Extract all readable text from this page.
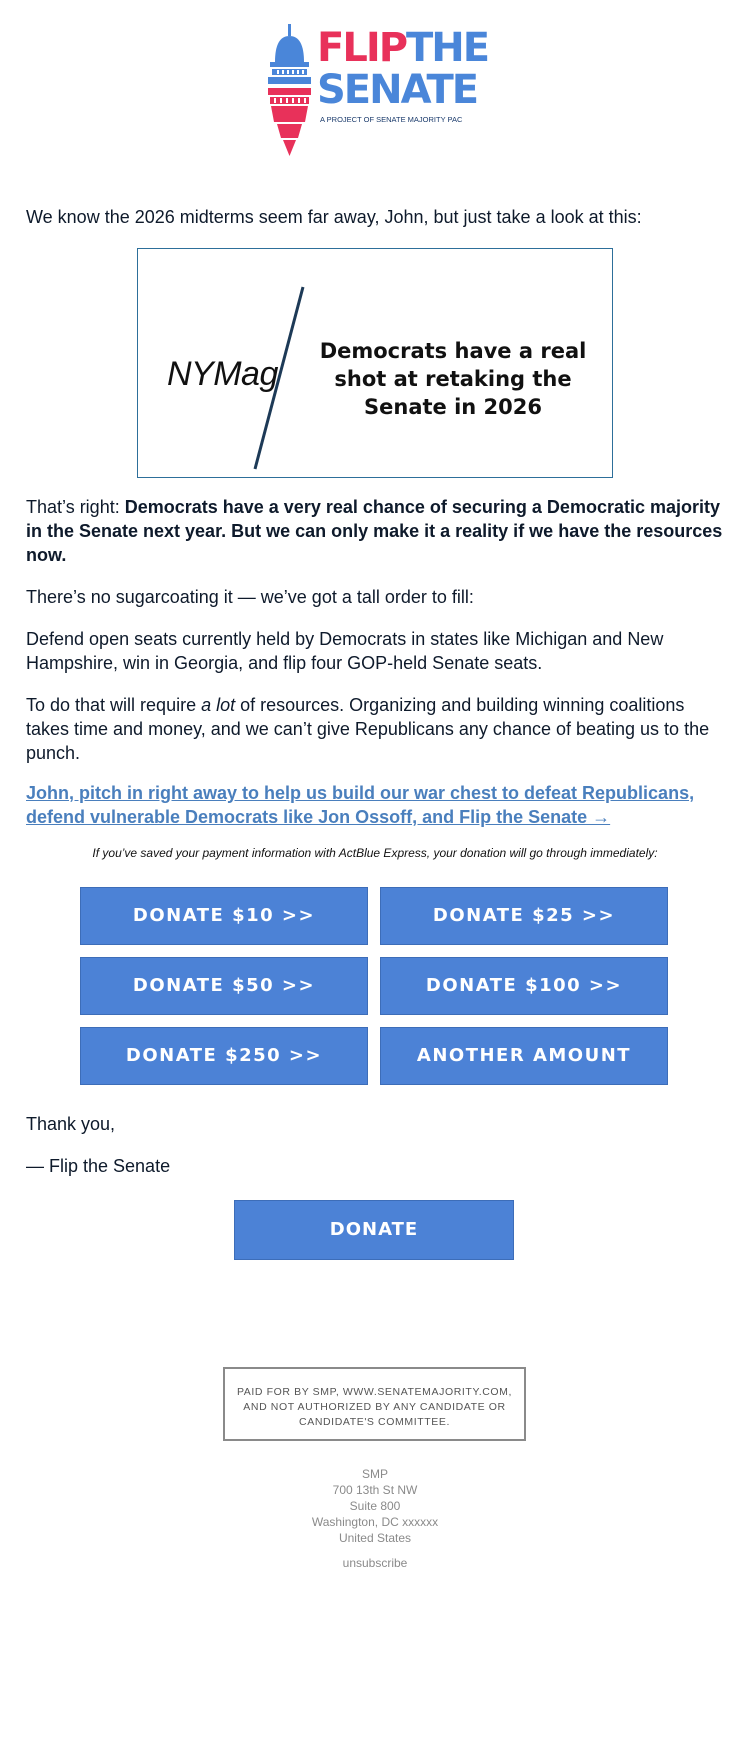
FLIPTHE
SENATE
A PROJECT OF SENATE MAJORITY PAC
We know the 2026 midterms seem far away, John, but just take a look at this:
NYMag
Democrats have a real shot at retaking the Senate in 2026
That’s right: Democrats have a very real chance of securing a Democratic majority in the Senate next year. But we can only make it a reality if we have the resources now.
There’s no sugarcoating it — we’ve got a tall order to fill:
Defend open seats currently held by Democrats in states like Michigan and New Hampshire, win in Georgia, and flip four GOP-held Senate seats.
To do that will require a lot of resources. Organizing and building winning coalitions takes time and money, and we can’t give Republicans any chance of beating us to the punch.
John, pitch in right away to help us build our war chest to defeat Republicans, defend vulnerable Democrats like Jon Ossoff, and Flip the Senate →
If you’ve saved your payment information with ActBlue Express, your donation will go through immediately:
DONATE $10 >>	DONATE $25 >>
DONATE $50 >>	DONATE $100 >>
DONATE $250 >>	ANOTHER AMOUNT
Thank you,
— Flip the Senate
DONATE
PAID FOR BY SMP, WWW.SENATEMAJORITY.COM, AND NOT AUTHORIZED BY ANY CANDIDATE OR CANDIDATE'S COMMITTEE.
SMP
700 13th St NW
Suite 800
Washington, DC xxxxxx
United States
unsubscribe
